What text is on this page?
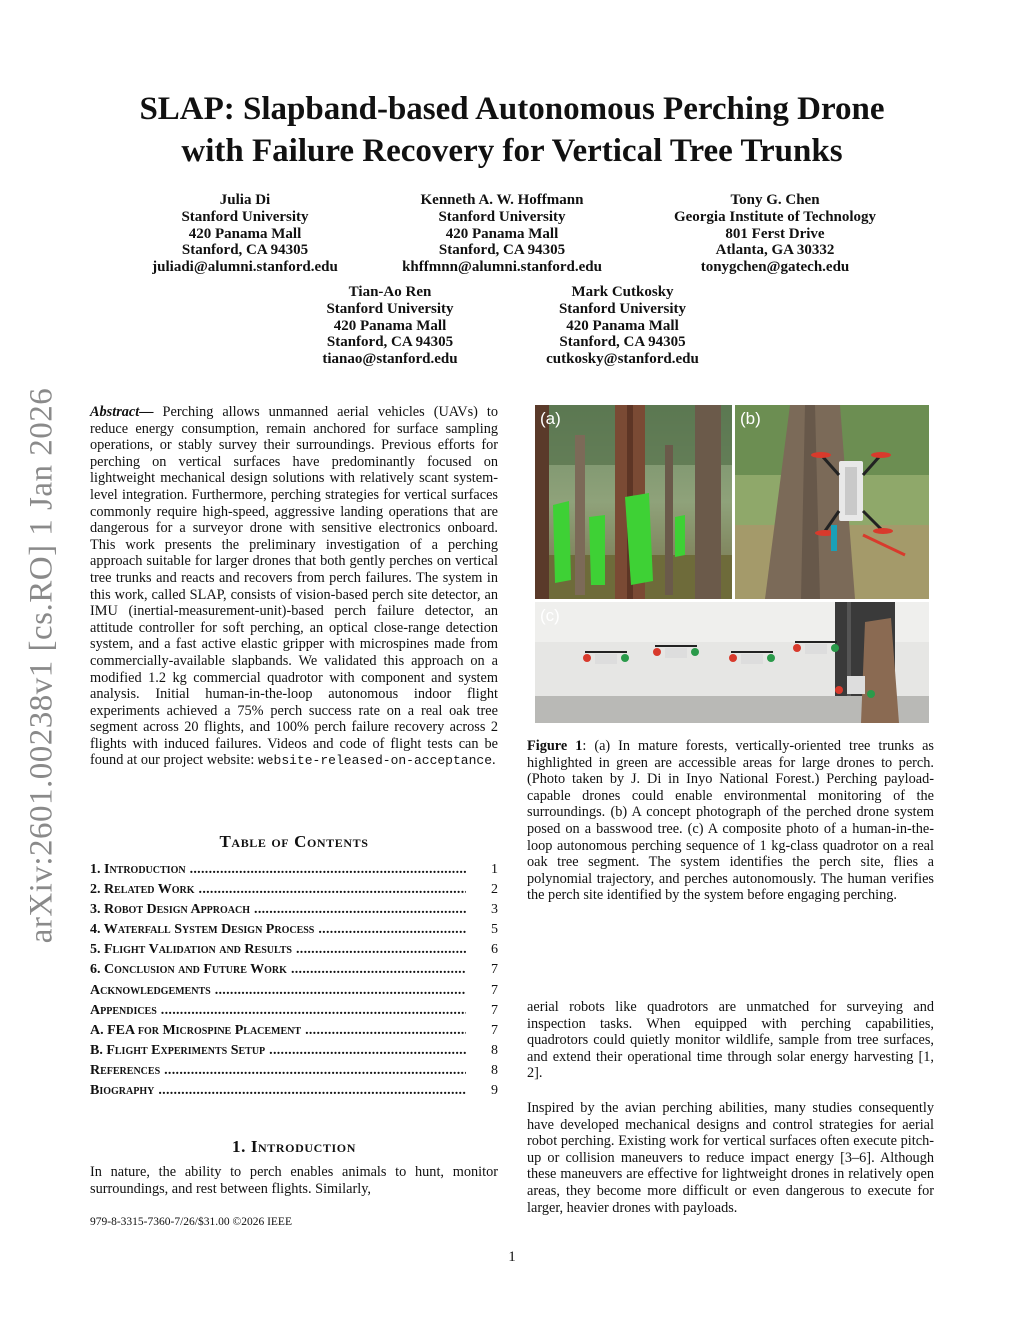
arXiv:2601.00238v1 [cs.RO] 1 Jan 2026
SLAP: Slapband-based Autonomous Perching Drone
with Failure Recovery for Vertical Tree Trunks
Julia Di
Stanford University
420 Panama Mall
Stanford, CA 94305
juliadi@alumni.stanford.edu
Kenneth A. W. Hoffmann
Stanford University
420 Panama Mall
Stanford, CA 94305
khffmnn@alumni.stanford.edu
Tony G. Chen
Georgia Institute of Technology
801 Ferst Drive
Atlanta, GA 30332
tonygchen@gatech.edu
Tian-Ao Ren
Stanford University
420 Panama Mall
Stanford, CA 94305
tianao@stanford.edu
Mark Cutkosky
Stanford University
420 Panama Mall
Stanford, CA 94305
cutkosky@stanford.edu
Abstract— Perching allows unmanned aerial vehicles (UAVs) to reduce energy consumption, remain anchored for surface sampling operations, or stably survey their surroundings. Previous efforts for perching on vertical surfaces have predominantly focused on lightweight mechanical design solutions with relatively scant system-level integration. Furthermore, perching strategies for vertical surfaces commonly require high-speed, aggressive landing operations that are dangerous for a surveyor drone with sensitive electronics onboard. This work presents the preliminary investigation of a perching approach suitable for larger drones that both gently perches on vertical tree trunks and reacts and recovers from perch failures. The system in this work, called SLAP, consists of vision-based perch site detector, an IMU (inertial-measurement-unit)-based perch failure detector, an attitude controller for soft perching, an optical close-range detection system, and a fast active elastic gripper with microspines made from commercially-available slapbands. We validated this approach on a modified 1.2 kg commercial quadrotor with component and system analysis. Initial human-in-the-loop autonomous indoor flight experiments achieved a 75% perch success rate on a real oak tree segment across 20 flights, and 100% perch failure recovery across 2 flights with induced failures. Videos and code of flight tests can be found at our project website: website-released-on-acceptance.
Table of Contents
1. Introduction . . .	1
2. Related Work . . .	2
3. Robot Design Approach . . .	3
4. Waterfall System Design Process . . .	5
5. Flight Validation and Results . . .	6
6. Conclusion and Future Work . . .	7
Acknowledgements . . .	7
Appendices . . .	7
A. FEA for Microspine Placement . . .	7
B. Flight Experiments Setup . . .	8
References . . .	8
Biography . . .	9
1. Introduction
In nature, the ability to perch enables animals to hunt, monitor surroundings, and rest between flights. Similarly,
979-8-3315-7360-7/26/$31.00 ©2026 IEEE
1
(a)	(b)
(c)
Figure 1: (a) In mature forests, vertically-oriented tree trunks as highlighted in green are accessible areas for large drones to perch. (Photo taken by J. Di in Inyo National Forest.) Perching payload-capable drones could enable environmental monitoring of the surroundings. (b) A concept photograph of the perched drone system posed on a basswood tree. (c) A composite photo of a human-in-the-loop autonomous perching sequence of 1 kg-class quadrotor on a real oak tree segment. The system identifies the perch site, flies a polynomial trajectory, and perches autonomously. The human verifies the perch site identified by the system before engaging perching.
aerial robots like quadrotors are unmatched for surveying and inspection tasks. When equipped with perching capabilities, quadrotors could quietly monitor wildlife, sample from tree surfaces, and extend their operational time through solar energy harvesting [1, 2].
Inspired by the avian perching abilities, many studies consequently have developed mechanical designs and control strategies for aerial robot perching. Existing work for vertical surfaces often execute pitch-up or collision maneuvers to reduce impact energy [3–6]. Although these maneuvers are effective for lightweight drones in relatively open areas, they become more difficult or even dangerous to execute for larger, heavier drones with payloads.
